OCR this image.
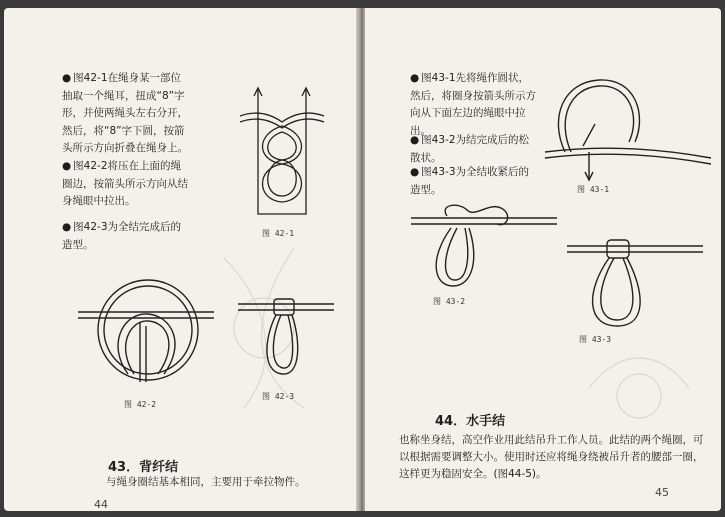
● 图42-1在绳身某一部位抽取一个绳耳，扭成“8”字形，并使两绳头左右分开，然后，将“8”字下圆，按箭头所示方向折叠在绳身上。

● 图42-2将压在上面的绳圈边，按箭头所示方向从结身绳眼中拉出。

● 图42-3为全结完成后的造型。

图 42-1
图 42-2
图 42-3
43．背纤结

与绳身圈结基本相同，主要用于牵拉物件。

44

● 图43-1先将绳作圆状，然后，将圈身按箭头所示方向从下面左边的绳眼中拉出。

● 图43-2为结完成后的松散状。

● 图43-3为全结收紧后的造型。	图 43-1
图 43-2
图 43-3
44．水手结

也称坐身结，高空作业用此结吊升工作人员。此结的两个绳圈，可以根据需要调整大小。使用时还应将绳身绕被吊升者的腰部一圈，这样更为稳固安全。(图44-5)。

45
